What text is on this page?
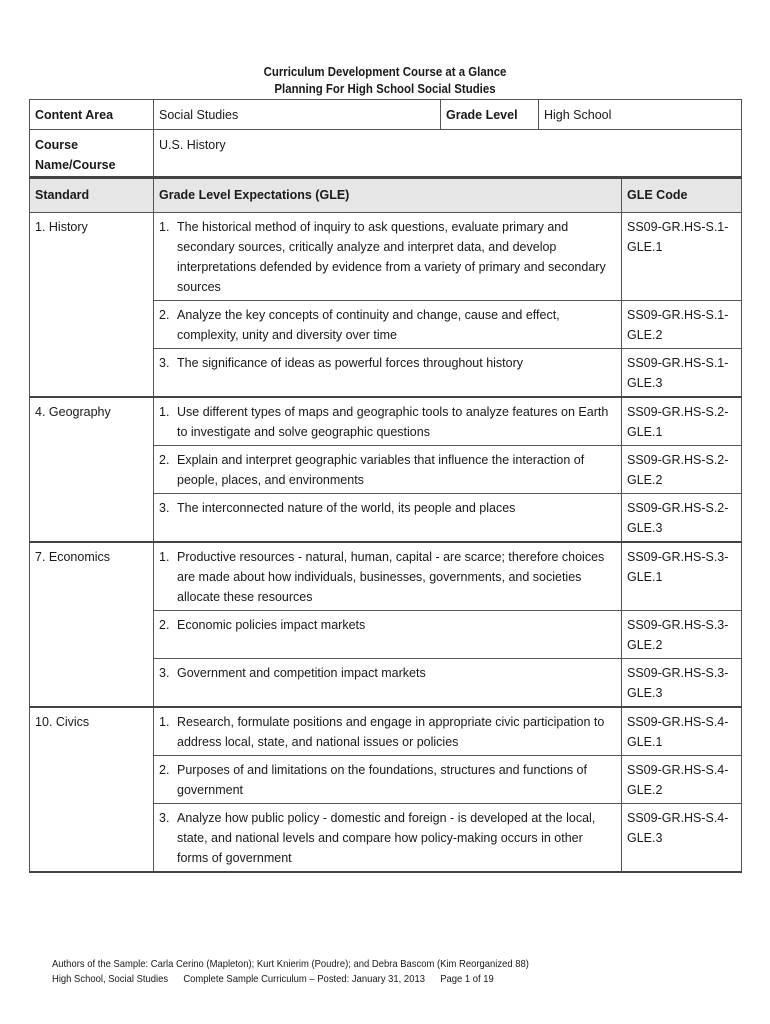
Curriculum Development Course at a Glance
Planning For High School Social Studies
Content Area	Social Studies	Grade Level	High School
Course Name/Course	U.S. History		
Standard	Grade Level Expectations (GLE)	GLE Code
1. History	1. The historical method of inquiry to ask questions, evaluate primary and secondary sources, critically analyze and interpret data, and develop interpretations defended by evidence from a variety of primary and secondary sources	SS09-GR.HS-S.1-GLE.1

	2. Analyze the key concepts of continuity and change, cause and effect, complexity, unity and diversity over time	SS09-GR.HS-S.1-GLE.2

	3. The significance of ideas as powerful forces throughout history	SS09-GR.HS-S.1-GLE.3
4. Geography	1. Use different types of maps and geographic tools to analyze features on Earth to investigate and solve geographic questions	SS09-GR.HS-S.2-GLE.1

	2. Explain and interpret geographic variables that influence the interaction of people, places, and environments	SS09-GR.HS-S.2-GLE.2

	3. The interconnected nature of the world, its people and places	SS09-GR.HS-S.2-GLE.3
7. Economics	1. Productive resources - natural, human, capital - are scarce; therefore choices are made about how individuals, businesses, governments, and societies allocate these resources	SS09-GR.HS-S.3-GLE.1

	2. Economic policies impact markets	SS09-GR.HS-S.3-GLE.2

	3. Government and competition impact markets	SS09-GR.HS-S.3-GLE.3
10. Civics	1. Research, formulate positions and engage in appropriate civic participation to address local, state, and national issues or policies	SS09-GR.HS-S.4-GLE.1

	2. Purposes of and limitations on the foundations, structures and functions of government	SS09-GR.HS-S.4-GLE.2

	3. Analyze how public policy - domestic and foreign - is developed at the local, state, and national levels and compare how policy-making occurs in other forms of government	SS09-GR.HS-S.4-GLE.3
Authors of the Sample: Carla Cerino (Mapleton); Kurt Knierim (Poudre); and Debra Bascom (Kim Reorganized 88)
High School, Social Studies Complete Sample Curriculum – Posted: January 31, 2013 Page 1 of 19
